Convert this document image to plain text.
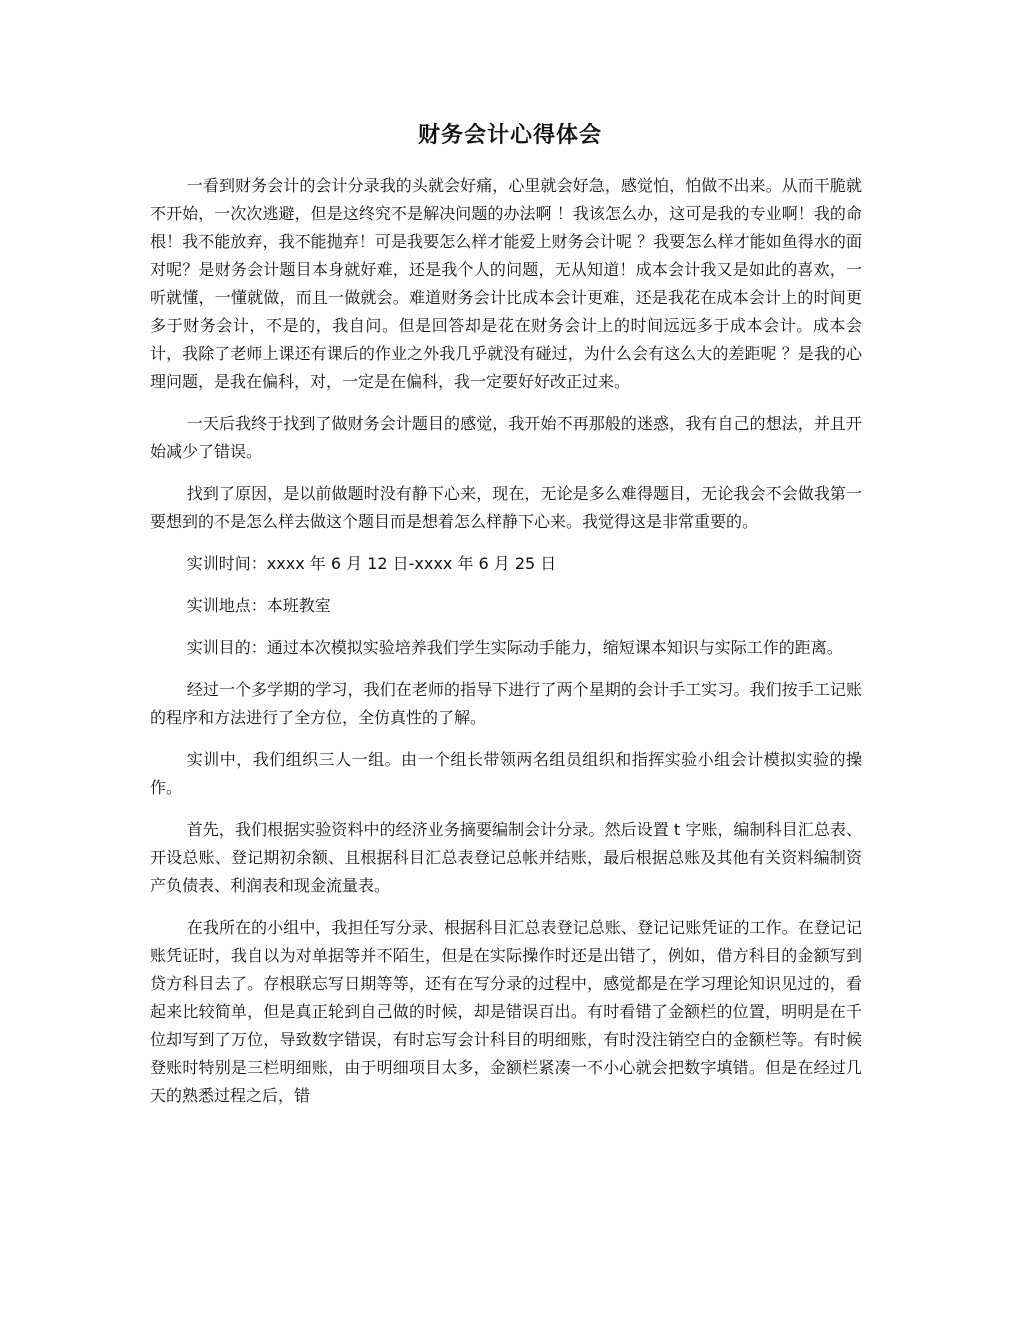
财务会计心得体会

一看到财务会计的会计分录我的头就会好痛，心里就会好急，感觉怕，怕做不出来。从而干脆就不开始，一次次逃避，但是这终究不是解决问题的办法啊 ！我该怎么办，这可是我的专业啊！我的命根！我不能放弃，我不能抛弃！可是我要怎么样才能爱上财务会计呢 ？我要怎么样才能如鱼得水的面对呢？是财务会计题目本身就好难，还是我个人的问题，无从知道！成本会计我又是如此的喜欢，一听就懂，一懂就做，而且一做就会。难道财务会计比成本会计更难，还是我花在成本会计上的时间更多于财务会计，不是的，我自问。但是回答却是花在财务会计上的时间远远多于成本会计。成本会计，我除了老师上课还有课后的作业之外我几乎就没有碰过，为什么会有这么大的差距呢 ？是我的心理问题，是我在偏科，对，一定是在偏科，我一定要好好改正过来。

一天后我终于找到了做财务会计题目的感觉，我开始不再那般的迷惑，我有自己的想法，并且开始减少了错误。

找到了原因，是以前做题时没有静下心来，现在，无论是多么难得题目，无论我会不会做我第一要想到的不是怎么样去做这个题目而是想着怎么样静下心来。我觉得这是非常重要的。

实训时间：xxxx 年 6 月 12 日-xxxx 年 6 月 25 日

实训地点：本班教室

实训目的：通过本次模拟实验培养我们学生实际动手能力，缩短课本知识与实际工作的距离。

经过一个多学期的学习，我们在老师的指导下进行了两个星期的会计手工实习。我们按手工记账的程序和方法进行了全方位，全仿真性的了解。

实训中，我们组织三人一组。由一个组长带领两名组员组织和指挥实验小组会计模拟实验的操作。

首先，我们根据实验资料中的经济业务摘要编制会计分录。然后设置 t 字账，编制科目汇总表、开设总账、登记期初余额、且根据科目汇总表登记总帐并结账，最后根据总账及其他有关资料编制资产负债表、利润表和现金流量表。

在我所在的小组中，我担任写分录、根据科目汇总表登记总账、登记记账凭证的工作。在登记记账凭证时，我自以为对单据等并不陌生，但是在实际操作时还是出错了，例如，借方科目的金额写到贷方科目去了。存根联忘写日期等等，还有在写分录的过程中，感觉都是在学习理论知识见过的，看起来比较简单，但是真正轮到自己做的时候，却是错误百出。有时看错了金额栏的位置，明明是在千位却写到了万位，导致数字错误，有时忘写会计科目的明细账，有时没注销空白的金额栏等。有时候登账时特别是三栏明细账，由于明细项目太多，金额栏紧凑一不小心就会把数字填错。但是在经过几天的熟悉过程之后，错
